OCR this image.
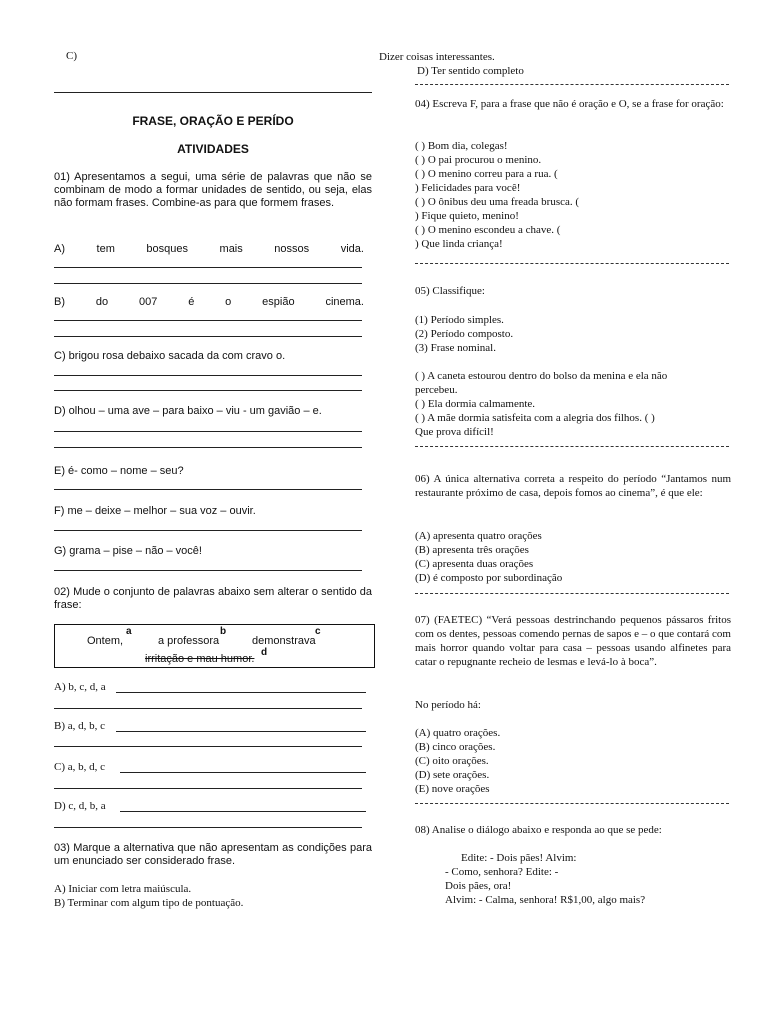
C)
FRASE, ORAÇÃO E PERÍDO
ATIVIDADES
01) Apresentamos a segui, uma série de palavras que não se combinam de modo a formar unidades de sentido, ou seja, elas não formam frases. Combine-as para que formem frases.
A)	tem	bosques	mais	nossos	vida.
B)	do	007	é	o	espião	cinema.
C) brigou rosa debaixo sacada da com cravo o.
D) olhou – uma ave – para baixo – viu - um gavião – e.
E) é- como – nome – seu?
F) me – deixe – melhor – sua voz – ouvir.
G) grama – pise – não – você!
02) Mude o conjunto de palavras abaixo sem alterar o sentido da frase:
Ontem,
a
a professora
b
demonstrava
c
irritação e mau humor.
d
A) b, c, d, a
B) a, d, b, c
C) a, b, d, c
D) c, d, b, a
03) Marque a alternativa que não apresentam as condições para um enunciado ser considerado frase.
A) Iniciar com letra maiúscula.
B) Terminar com algum tipo de pontuação.
Dizer coisas interessantes.
D) Ter sentido completo
04) Escreva F, para a frase que não é oração e O, se a frase for oração:
( ) Bom dia, colegas!
( ) O pai procurou o menino.
( ) O menino correu para a rua. (
) Felicidades para você!
( ) O ônibus deu uma freada brusca. (
) Fique quieto, menino!
( ) O menino escondeu a chave. (
) Que linda criança!
05) Classifique:
(1) Período simples.
(2) Período composto.
(3) Frase nominal.
( ) A caneta estourou dentro do bolso da menina e ela não
percebeu.
( ) Ela dormia calmamente.
( ) A mãe dormia satisfeita com a alegria dos filhos. ( )
Que prova difícil!
06) A única alternativa correta a respeito do período “Jantamos num restaurante próximo de casa, depois fomos ao cinema”, é que ele:
(A) apresenta quatro orações
(B) apresenta três orações
(C) apresenta duas orações
(D) é composto por subordinação
07) (FAETEC) “Verá pessoas destrinchando pequenos pássaros fritos com os dentes, pessoas comendo pernas de sapos e – o que contará com mais horror quando voltar para casa – pessoas usando alfinetes para catar o repugnante recheio de lesmas e levá-lo à boca”.
No período há:
(A) quatro orações.
(B) cinco orações.
(C) oito orações.
(D) sete orações.
(E) nove orações
08) Analise o diálogo abaixo e responda ao que se pede:
Edite: - Dois pães! Alvim:
- Como, senhora? Edite: -
Dois pães, ora!
Alvim: - Calma, senhora! R$1,00, algo mais?
